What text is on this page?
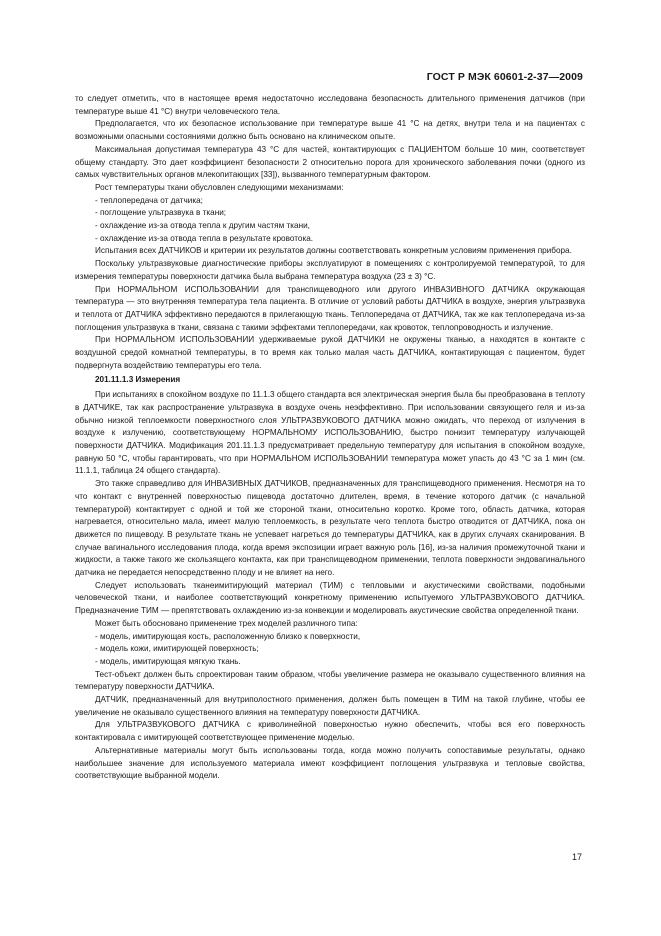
ГОСТ Р МЭК 60601-2-37—2009

то следует отметить, что в настоящее время недостаточно исследована безопасность длительного применения датчиков (при температуре выше 41 °С) внутри человеческого тела.

Предполагается, что их безопасное использование при температуре выше 41 °С на детях, внутри тела и на пациентах с возможными опасными состояниями должно быть основано на клиническом опыте.

Максимальная допустимая температура 43 °С для частей, контактирующих с ПАЦИЕНТОМ больше 10 мин, соответствует общему стандарту. Это дает коэффициент безопасности 2 относительно порога для хронического заболевания почки (одного из самых чувствительных органов млекопитающих [33]), вызванного температурным фактором.

Рост температуры ткани обусловлен следующими механизмами:

- теплопередача от датчика;

- поглощение ультразвука в ткани;

- охлаждение из-за отвода тепла к другим частям ткани,

- охлаждение из-за отвода тепла в результате кровотока.

Испытания всех ДАТЧИКОВ и критерии их результатов должны соответствовать конкретным условиям применения прибора.

Поскольку ультразвуковые диагностические приборы эксплуатируют в помещениях с контролируемой температурой, то для измерения температуры поверхности датчика была выбрана температура воздуха (23 ± 3) °С.

При НОРМАЛЬНОМ ИСПОЛЬЗОВАНИИ для транспищеводного или другого ИНВАЗИВНОГО ДАТЧИКА окружающая температура — это внутренняя температура тела пациента. В отличие от условий работы ДАТЧИКА в воздухе, энергия ультразвука и теплота от ДАТЧИКА эффективно передаются в прилегающую ткань. Теплопередача от ДАТЧИКА, так же как теплопередача из-за поглощения ультразвука в ткани, связана с такими эффектами теплопередачи, как кровоток, теплопроводность и излучение.

При НОРМАЛЬНОМ ИСПОЛЬЗОВАНИИ удерживаемые рукой ДАТЧИКИ не окружены тканью, а находятся в контакте с воздушной средой комнатной температуры, в то время как только малая часть ДАТЧИКА, контактирующая с пациентом, будет подвергнута воздействию температуры его тела.

201.11.1.3 Измерения

При испытаниях в спокойном воздухе по 11.1.3 общего стандарта вся электрическая энергия была бы преобразована в теплоту в ДАТЧИКЕ, так как распространение ультразвука в воздухе очень неэффективно. При использовании связующего геля и из-за обычно низкой теплоемкости поверхностного слоя УЛЬТРАЗВУКОВОГО ДАТЧИКА можно ожидать, что переход от излучения в воздухе к излучению, соответствующему НОРМАЛЬНОМУ ИСПОЛЬЗОВАНИЮ, быстро понизит температуру излучающей поверхности ДАТЧИКА. Модификация 201.11.1.3 предусматривает предельную температуру для испытания в спокойном воздухе, равную 50 °С, чтобы гарантировать, что при НОРМАЛЬНОМ ИСПОЛЬЗОВАНИИ температура может упасть до 43 °С за 1 мин (см. 11.1.1, таблица 24 общего стандарта).

Это также справедливо для ИНВАЗИВНЫХ ДАТЧИКОВ, предназначенных для транспищеводного применения. Несмотря на то что контакт с внутренней поверхностью пищевода достаточно длителен, время, в течение которого датчик (с начальной температурой) контактирует с одной и той же стороной ткани, относительно коротко. Кроме того, область датчика, которая нагревается, относительно мала, имеет малую теплоемкость, в результате чего теплота быстро отводится от ДАТЧИКА, пока он движется по пищеводу. В результате ткань не успевает нагреться до температуры ДАТЧИКА, как в других случаях сканирования. В случае вагинального исследования плода, когда время экспозиции играет важную роль [16], из-за наличия промежуточной ткани и жидкости, а также такого же скользящего контакта, как при транспищеводном применении, теплота поверхности эндовагинального датчика не передается непосредственно плоду и не влияет на него.

Следует использовать тканеимитирующий материал (ТИМ) с тепловыми и акустическими свойствами, подобными человеческой ткани, и наиболее соответствующий конкретному применению испытуемого УЛЬТРАЗВУКОВОГО ДАТЧИКА. Предназначение ТИМ — препятствовать охлаждению из-за конвекции и моделировать акустические свойства определенной ткани.

Может быть обосновано применение трех моделей различного типа:

- модель, имитирующая кость, расположенную близко к поверхности,

- модель кожи, имитирующей поверхность;

- модель, имитирующая мягкую ткань.

Тест-объект должен быть спроектирован таким образом, чтобы увеличение размера не оказывало существенного влияния на температуру поверхности ДАТЧИКА.

ДАТЧИК, предназначенный для внутриполостного применения, должен быть помещен в ТИМ на такой глубине, чтобы ее увеличение не оказывало существенного влияния на температуру поверхности ДАТЧИКА.

Для УЛЬТРАЗВУКОВОГО ДАТЧИКА с криволинейной поверхностью нужно обеспечить, чтобы вся его поверхность контактировала с имитирующей соответствующее применение моделью.

Альтернативные материалы могут быть использованы тогда, когда можно получить сопоставимые результаты, однако наибольшее значение для используемого материала имеют коэффициент поглощения ультразвука и тепловые свойства, соответствующие выбранной модели.

17
